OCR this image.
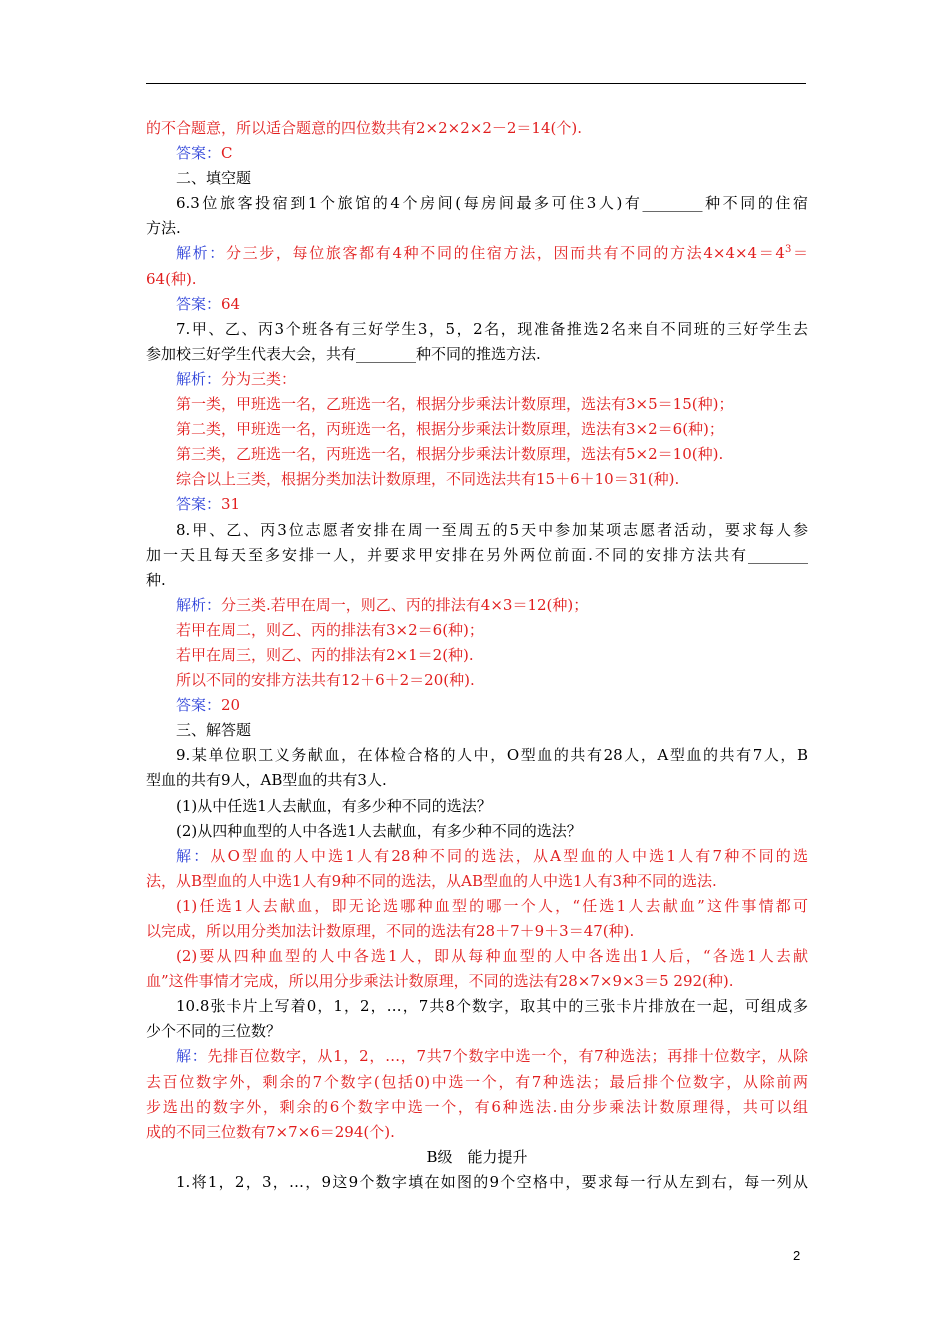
的不合题意，所以适合题意的四位数共有2×2×2×2－2＝14(个).
答案：C
二、填空题
6.3位旅客投宿到1个旅馆的4个房间(每房间最多可住3人)有________种不同的住宿
方法.
解析：分三步，每位旅客都有4种不同的住宿方法，因而共有不同的方法$4\times 4\times 4=4^3=$
64(种).
答案：64
7.甲、乙、丙3个班各有三好学生3，5，2名，现准备推选2名来自不同班的三好学生去
参加校三好学生代表大会，共有________种不同的推选方法.
解析：分为三类：
第一类，甲班选一名，乙班选一名，根据分步乘法计数原理，选法有3×5＝15(种)；
第二类，甲班选一名，丙班选一名，根据分步乘法计数原理，选法有3×2＝6(种)；
第三类，乙班选一名，丙班选一名，根据分步乘法计数原理，选法有5×2＝10(种).
综合以上三类，根据分类加法计数原理，不同选法共有15＋6＋10＝31(种).
答案：31
8.甲、乙、丙3位志愿者安排在周一至周五的5天中参加某项志愿者活动，要求每人参
加一天且每天至多安排一人，并要求甲安排在另外两位前面.不同的安排方法共有________
种.
解析：分三类.若甲在周一，则乙、丙的排法有4×3＝12(种)；
若甲在周二，则乙、丙的排法有3×2＝6(种)；
若甲在周三，则乙、丙的排法有2×1＝2(种).
所以不同的安排方法共有12＋6＋2＝20(种).
答案：20
三、解答题
9.某单位职工义务献血，在体检合格的人中，O型血的共有28人，A型血的共有7人，B
型血的共有9人，AB型血的共有3人.
(1)从中任选1人去献血，有多少种不同的选法？
(2)从四种血型的人中各选1人去献血，有多少种不同的选法？
解：从O型血的人中选1人有28种不同的选法，从A型血的人中选1人有7种不同的选
法，从B型血的人中选1人有9种不同的选法，从AB型血的人中选1人有3种不同的选法.
(1)任选1人去献血，即无论选哪种血型的哪一个人，“任选1人去献血”这件事情都可
以完成，所以用分类加法计数原理，不同的选法有28＋7＋9＋3＝47(种).
(2)要从四种血型的人中各选1人，即从每种血型的人中各选出1人后，“各选1人去献
血”这件事情才完成，所以用分步乘法计数原理，不同的选法有28×7×9×3＝5 292(种).
10.8张卡片上写着0，1，2，…，7共8个数字，取其中的三张卡片排放在一起，可组成多
少个不同的三位数？
解：先排百位数字，从1，2，…，7共7个数字中选一个，有7种选法；再排十位数字，从除
去百位数字外，剩余的7个数字(包括0)中选一个，有7种选法；最后排个位数字，从除前两
步选出的数字外，剩余的6个数字中选一个，有6种选法.由分步乘法计数原理得，共可以组
成的不同三位数有7×7×6＝294(个).
B级　能力提升
1.将1，2，3，…，9这9个数字填在如图的9个空格中，要求每一行从左到右，每一列从
2
